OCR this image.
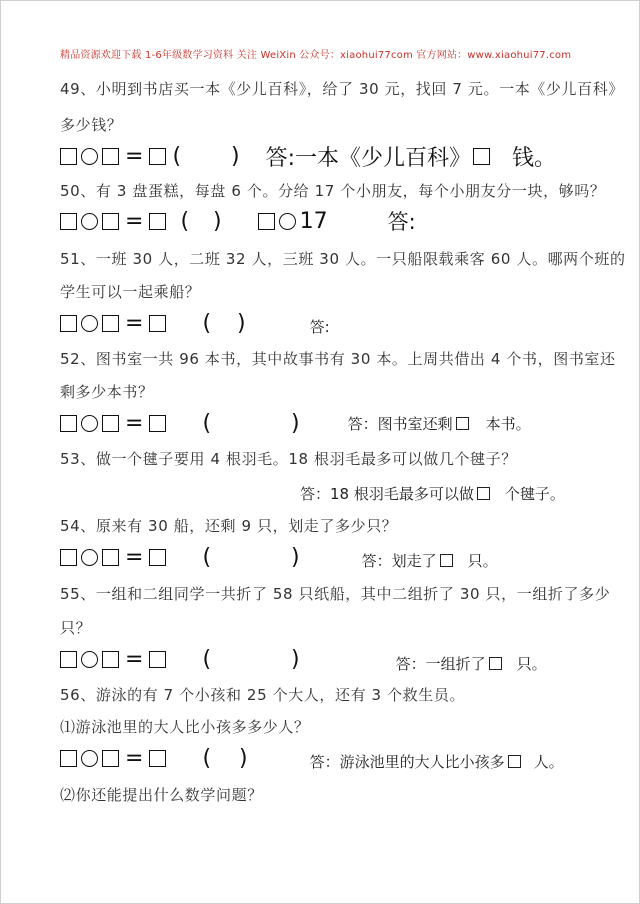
精品资源欢迎下载 1-6年级数学习资料 关注 WeiXin 公众号：xiaohui77com 官方网站：www.xiaohui77.com
49、小明到书店买一本《少儿百科》，给了 30 元，找回 7 元。一本《少儿百科》
多少钱？
= ( ) 答:一本《少儿百科》 钱。
50、有 3 盘蛋糕，每盘 6 个。分给 17 个小朋友，每个小朋友分一块，够吗？
= ( )	17	答:
51、一班 30 人，二班 32 人，三班 30 人。一只船限载乘客 60 人。哪两个班的
学生可以一起乘船？
=	( )	答:
52、图书室一共 96 本书，其中故事书有 30 本。上周共借出 4 个书，图书室还
剩多少本书？
=	(	)	答：图书室还剩 本书。
53、做一个毽子要用 4 根羽毛。18 根羽毛最多可以做几个毽子？
答：18 根羽毛最多可以做 个毽子。
54、原来有 30 船，还剩 9 只，划走了多少只？
=	(	)	答：划走了 只。
55、一组和二组同学一共折了 58 只纸船，其中二组折了 30 只，一组折了多少
只？
=	(	)	答：一组折了 只。
56、游泳的有 7 个小孩和 25 个大人，还有 3 个救生员。
⑴游泳池里的大人比小孩多多少人？
=	( )	答：游泳池里的大人比小孩多 人。
⑵你还能提出什么数学问题？
